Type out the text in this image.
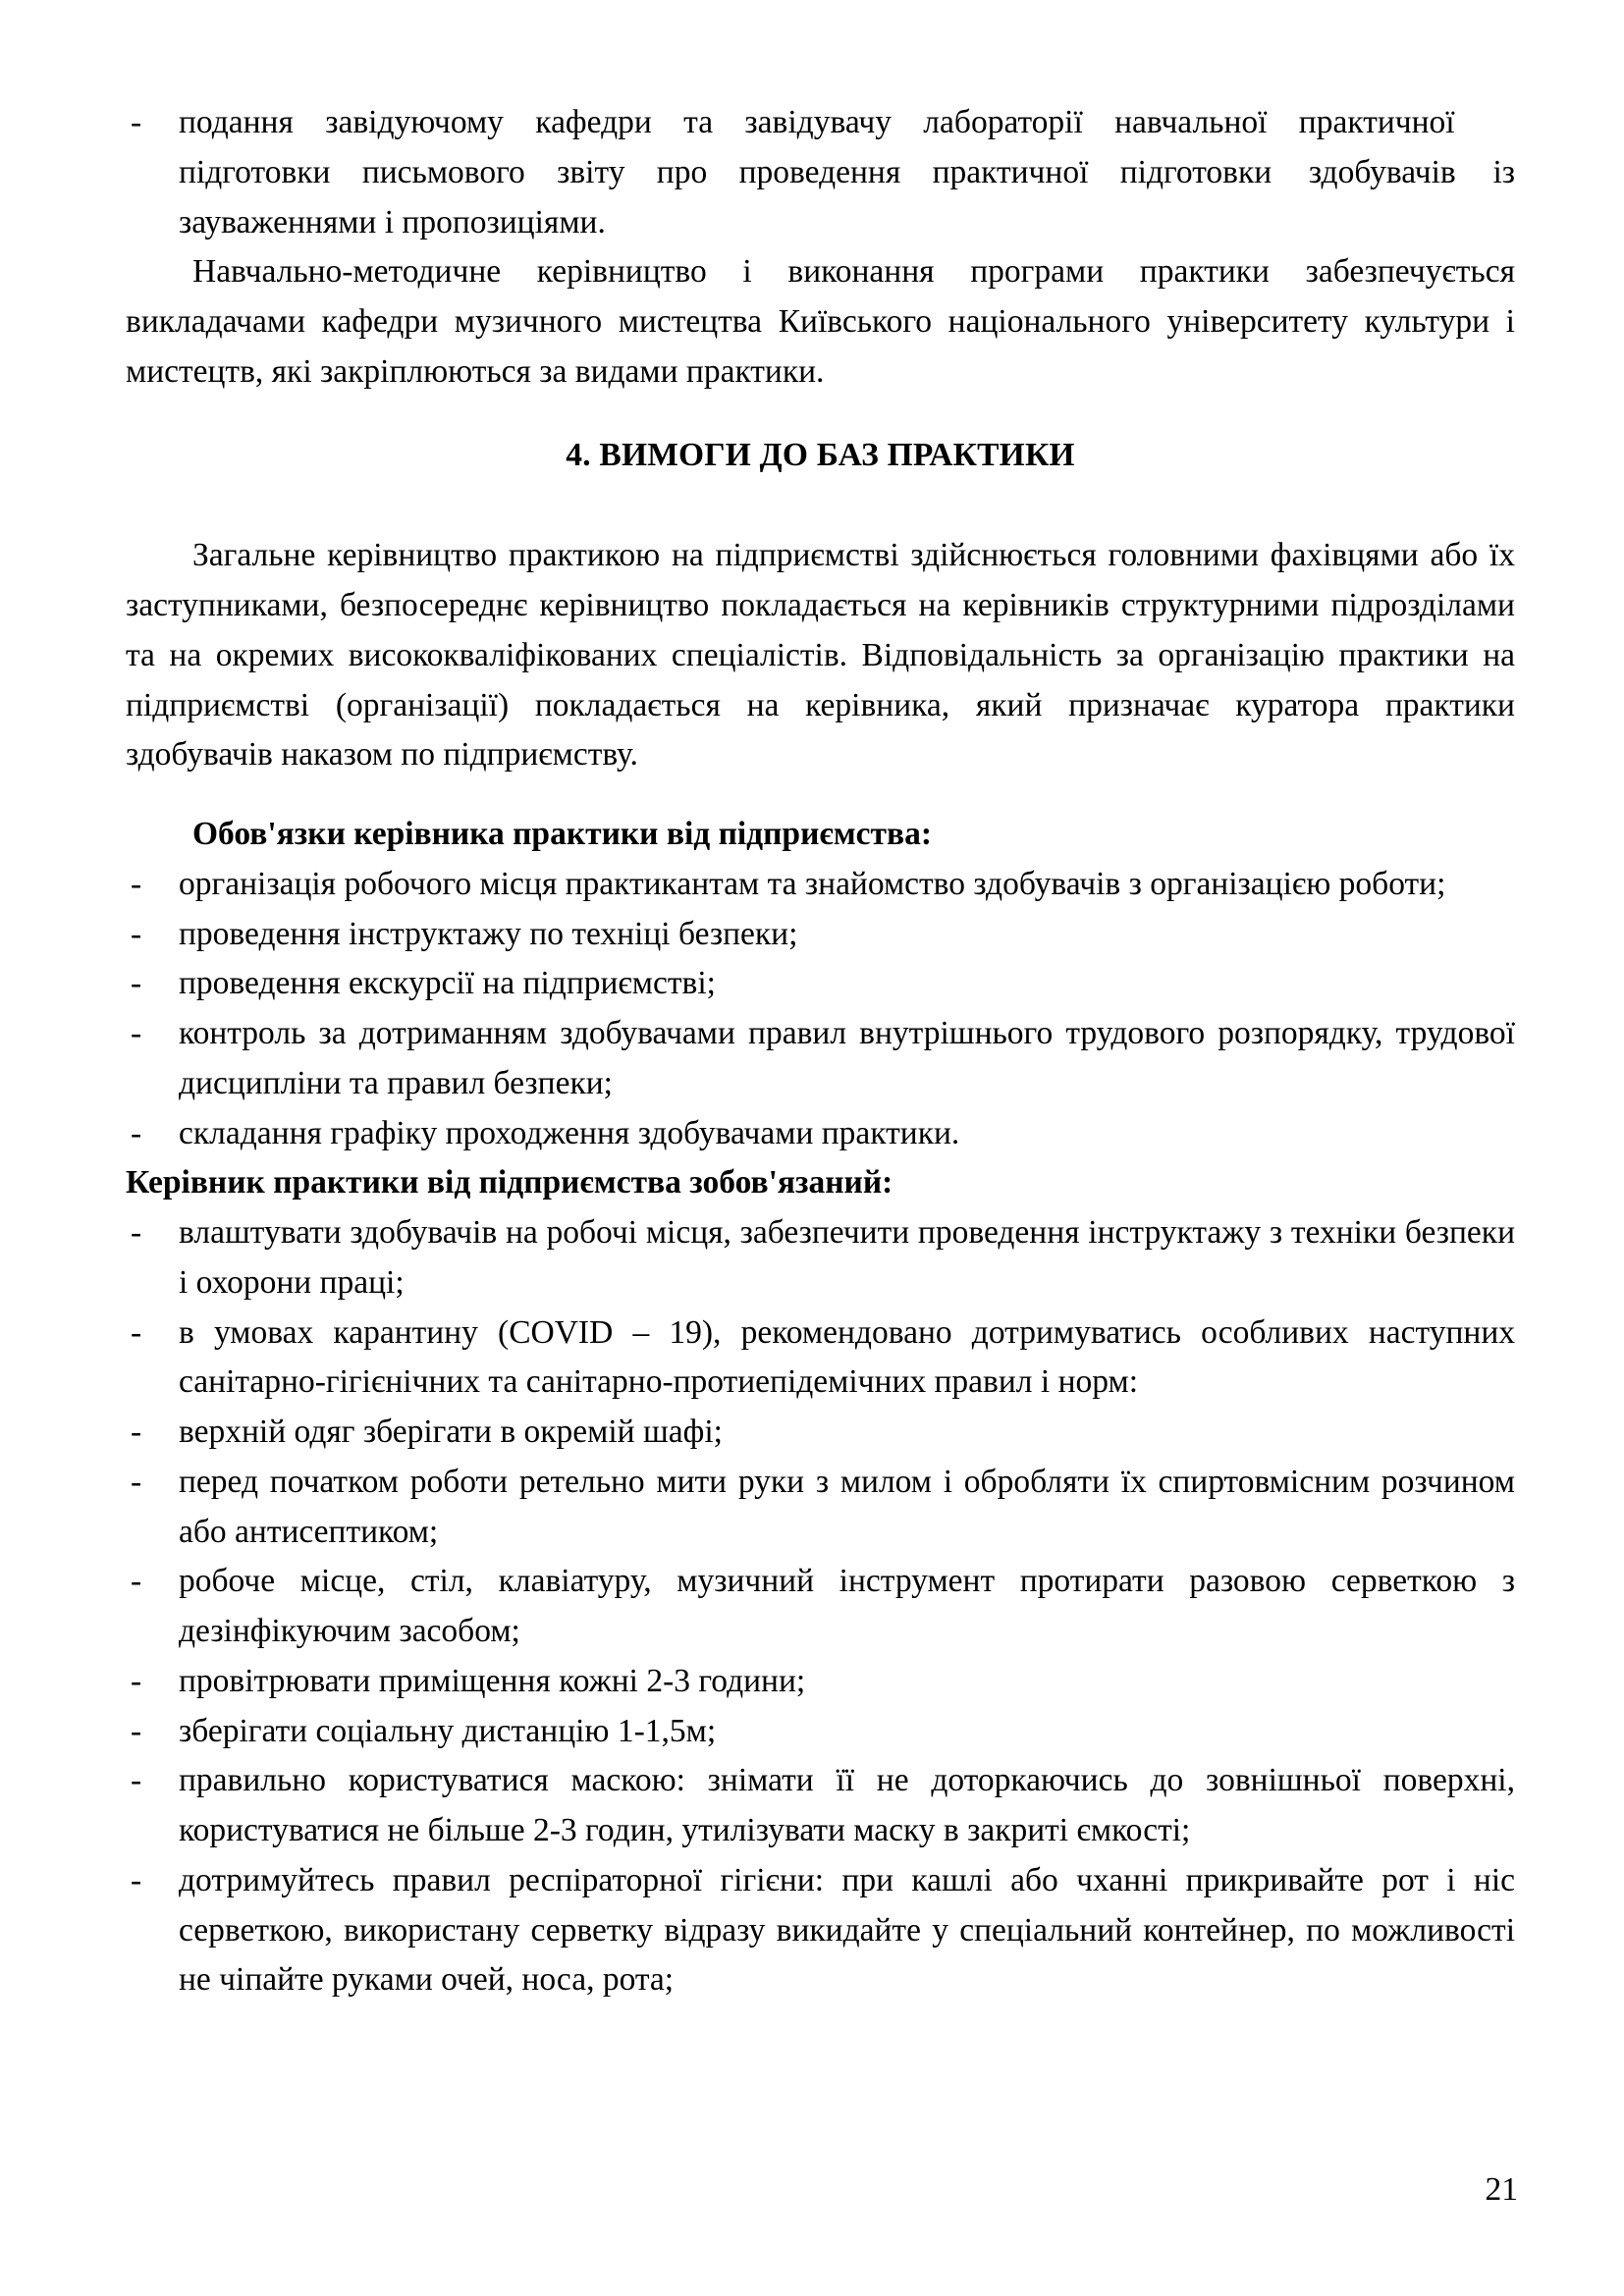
- поданняᅠзавідуючомуᅠкафедриᅠтаᅠзавідувачуᅠлабораторіїᅠнавчальноїᅠпрактичноїᅠпідготовкиᅠписьмовогоᅠзвітуᅠпроᅠпроведенняᅠпрактичноїᅠпідготовки здобувачів із зауваженнями і пропозиціями.

Навчально-методичне керівництво і виконання програми практики забезпечується викладачами кафедри музичного мистецтва Київського національного університету культури і мистецтв, які закріплюються за видами практики.

4. ВИМОГИ ДО БАЗ ПРАКТИКИ

Загальне керівництво практикою на підприємстві здійснюється головними фахівцями або їх заступниками, безпосереднє керівництво покладається на керівників структурними підрозділами та на окремих висококваліфікованих спеціалістів. Відповідальність за організацію практики на підприємстві (організації) покладається на керівника, який призначає куратора практики здобувачів наказом по підприємству.

Обов'язки керівника практики від підприємства:

- організація робочого місця практикантам та знайомство здобувачів з організацією роботи;
- проведення інструктажу по техніці безпеки;
- проведення екскурсії на підприємстві;
- контроль за дотриманням здобувачами правил внутрішнього трудового розпорядку, трудової дисципліни та правил безпеки;
- складання графіку проходження здобувачами практики.

Керівник практики від підприємства зобов'язаний:

- влаштувати здобувачів на робочі місця, забезпечити проведення інструктажу з техніки безпеки і охорони праці;
- в умовах карантину (COVID – 19), рекомендовано дотримуватись особливих наступних санітарно-гігієнічних та санітарно-протиепідемічних правил і норм:
- верхній одяг зберігати в окремій шафі;
- перед початком роботи ретельно мити руки з милом і обробляти їх спиртовмісним розчином або антисептиком;
- робоче місце, стіл, клавіатуру, музичний інструмент протирати разовою серветкою з дезінфікуючим засобом;
- провітрювати приміщення кожні 2-3 години;
- зберігати соціальну дистанцію 1-1,5м;
- правильно користуватися маскою: знімати її не доторкаючись до зовнішньої поверхні, користуватися не більше 2-3 годин, утилізувати маску в закриті ємкості;
- дотримуйтесь правил респіраторної гігієни: при кашлі або чханні прикривайте рот і ніс серветкою, використану серветку відразу викидайте у спеціальний контейнер, по можливості не чіпайте руками очей, носа, рота;
21
